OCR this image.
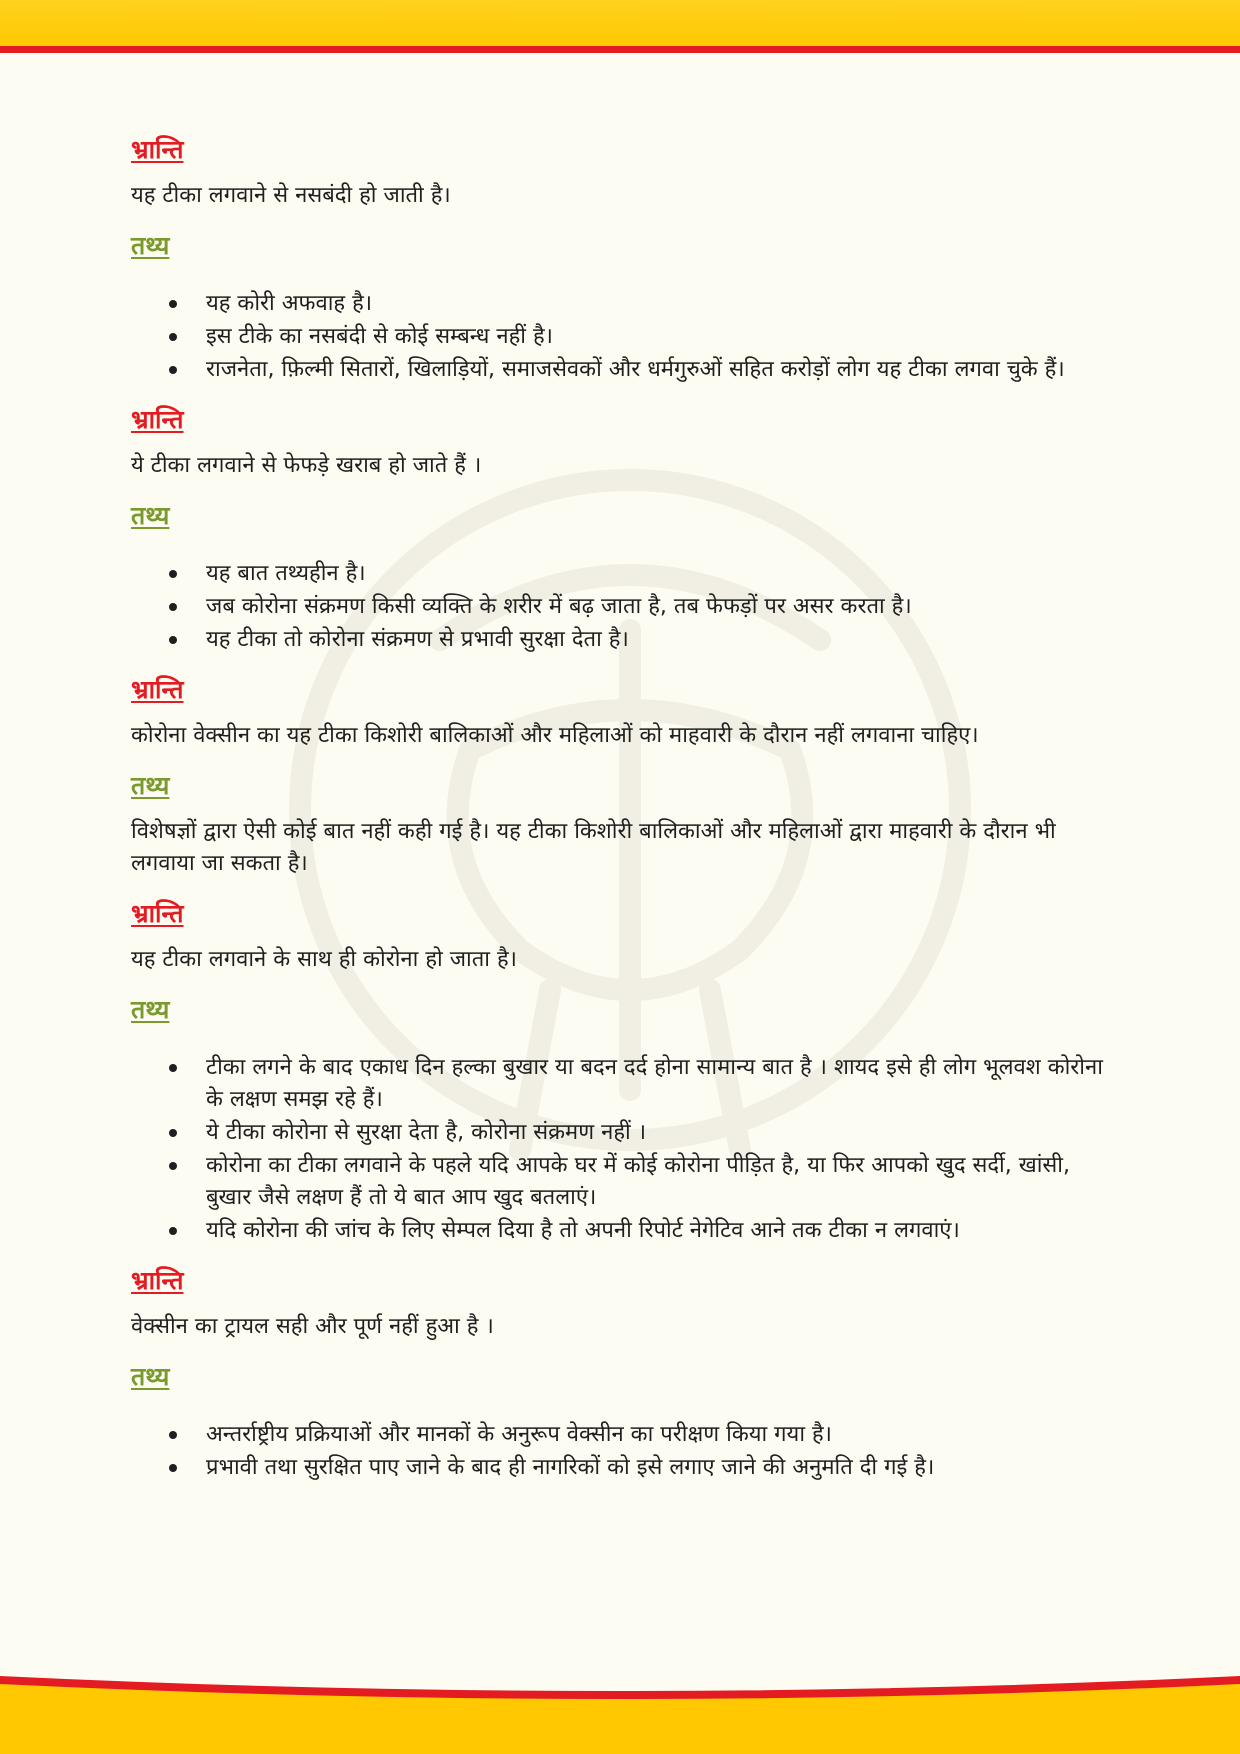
भ्रान्ति

यह टीका लगवाने से नसबंदी हो जाती है।

तथ्य
यह कोरी अफवाह है।
इस टीके का नसबंदी से कोई सम्बन्ध नहीं है।
राजनेता, फ़िल्मी सितारों, खिलाड़ियों, समाजसेवकों और धर्मगुरुओं सहित करोड़ों लोग यह टीका लगवा चुके हैं।
भ्रान्ति

ये टीका लगवाने से फेफड़े खराब हो जाते हैं ।

तथ्य
यह बात तथ्यहीन है।
जब कोरोना संक्रमण किसी व्यक्ति के शरीर में बढ़ जाता है, तब फेफड़ों पर असर करता है।
यह टीका तो कोरोना संक्रमण से प्रभावी सुरक्षा देता है।
भ्रान्ति

कोरोना वेक्सीन का यह टीका किशोरी बालिकाओं और महिलाओं को माहवारी के दौरान नहीं लगवाना चाहिए।

तथ्य

विशेषज्ञों द्वारा ऐसी कोई बात नहीं कही गई है। यह टीका किशोरी बालिकाओं और महिलाओं द्वारा माहवारी के दौरान भी लगवाया जा सकता है।

भ्रान्ति

यह टीका लगवाने के साथ ही कोरोना हो जाता है।

तथ्य
टीका लगने के बाद एकाध दिन हल्का बुखार या बदन दर्द होना सामान्य बात है । शायद इसे ही लोग भूलवश कोरोना के लक्षण समझ रहे हैं।
ये टीका कोरोना से सुरक्षा देता है, कोरोना संक्रमण नहीं ।
कोरोना का टीका लगवाने के पहले यदि आपके घर में कोई कोरोना पीड़ित है, या फिर आपको खुद सर्दी, खांसी, बुखार जैसे लक्षण हैं तो ये बात आप खुद बतलाएं।
यदि कोरोना की जांच के लिए सेम्पल दिया है तो अपनी रिपोर्ट नेगेटिव आने तक टीका न लगवाएं।
भ्रान्ति

वेक्सीन का ट्रायल सही और पूर्ण नहीं हुआ है ।

तथ्य
अन्तर्राष्ट्रीय प्रक्रियाओं और मानकों के अनुरूप वेक्सीन का परीक्षण किया गया है।
प्रभावी तथा सुरक्षित पाए जाने के बाद ही नागरिकों को इसे लगाए जाने की अनुमति दी गई है।
